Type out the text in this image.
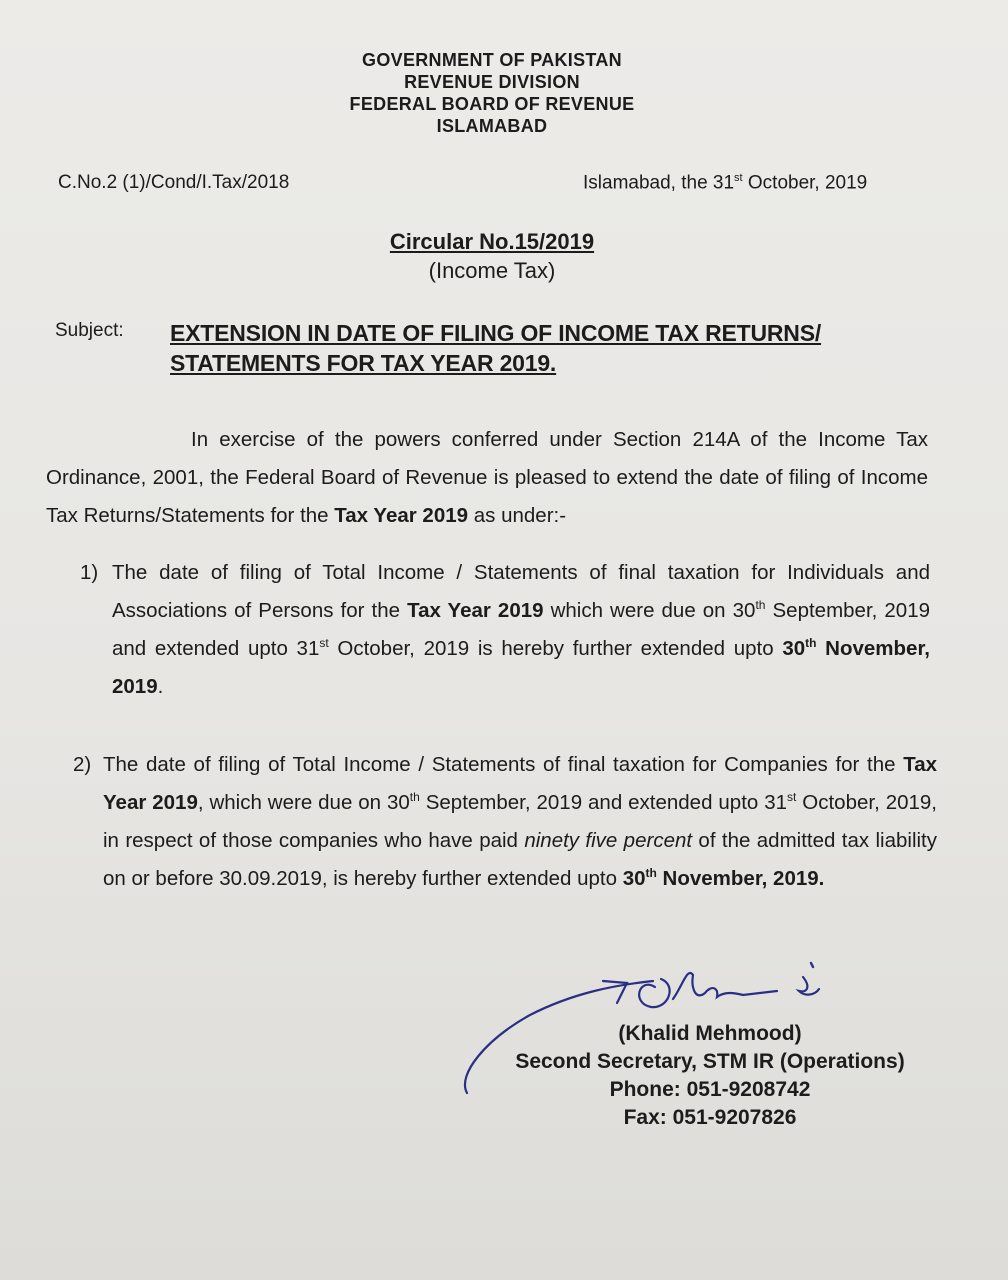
GOVERNMENT OF PAKISTAN
REVENUE DIVISION
FEDERAL BOARD OF REVENUE
ISLAMABAD
C.No.2 (1)/Cond/I.Tax/2018	Islamabad, the 31st October, 2019
Circular No.15/2019
(Income Tax)
Subject: EXTENSION IN DATE OF FILING OF INCOME TAX RETURNS/ STATEMENTS FOR TAX YEAR 2019.
In exercise of the powers conferred under Section 214A of the Income Tax Ordinance, 2001, the Federal Board of Revenue is pleased to extend the date of filing of Income Tax Returns/Statements for the Tax Year 2019 as under:-
1) The date of filing of Total Income / Statements of final taxation for Individuals and Associations of Persons for the Tax Year 2019 which were due on 30th September, 2019 and extended upto 31st October, 2019 is hereby further extended upto 30th November, 2019.
2) The date of filing of Total Income / Statements of final taxation for Companies for the Tax Year 2019, which were due on 30th September, 2019 and extended upto 31st October, 2019, in respect of those companies who have paid ninety five percent of the admitted tax liability on or before 30.09.2019, is hereby further extended upto 30th November, 2019.
(Khalid Mehmood)
Second Secretary, STM IR (Operations)
Phone: 051-9208742
Fax: 051-9207826
